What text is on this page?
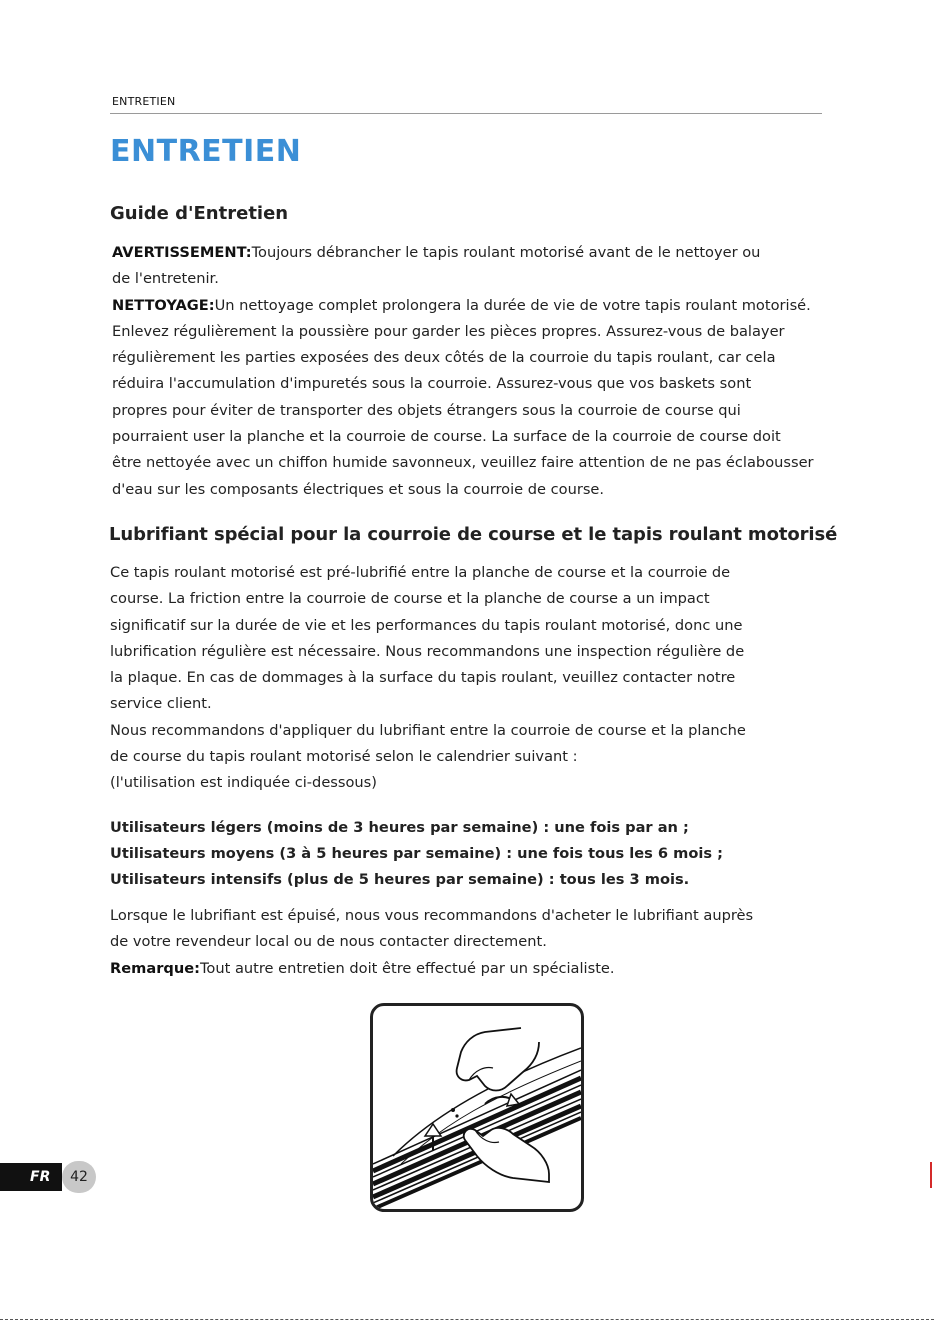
ENTRETIEN
ENTRETIEN
Guide d'Entretien

AVERTISSEMENT:Toujours débrancher le tapis roulant motorisé avant de le nettoyer ou

de l'entretenir.

NETTOYAGE:Un nettoyage complet prolongera la durée de vie de votre tapis roulant motorisé.

Enlevez régulièrement la poussière pour garder les pièces propres. Assurez-vous de balayer

régulièrement les parties exposées des deux côtés de la courroie du tapis roulant, car cela

réduira l'accumulation d'impuretés sous la courroie. Assurez-vous que vos baskets sont

propres pour éviter de transporter des objets étrangers sous la courroie de course qui

pourraient user la planche et la courroie de course. La surface de la courroie de course doit

être nettoyée avec un chiffon humide savonneux, veuillez faire attention de ne pas éclabousser

d'eau sur les composants électriques et sous la courroie de course.

Lubrifiant spécial pour la courroie de course et le tapis roulant motorisé

Ce tapis roulant motorisé est pré-lubrifié entre la planche de course et la courroie de

course. La friction entre la courroie de course et la planche de course a un impact

significatif sur la durée de vie et les performances du tapis roulant motorisé, donc une

lubrification régulière est nécessaire. Nous recommandons une inspection régulière de

la plaque. En cas de dommages à la surface du tapis roulant, veuillez contacter notre

service client.

Nous recommandons d'appliquer du lubrifiant entre la courroie de course et la planche

de course du tapis roulant motorisé selon le calendrier suivant :

(l'utilisation est indiquée ci-dessous)

Utilisateurs légers (moins de 3 heures par semaine) : une fois par an ;

Utilisateurs moyens (3 à 5 heures par semaine) : une fois tous les 6 mois ;

Utilisateurs intensifs (plus de 5 heures par semaine) : tous les 3 mois.

Lorsque le lubrifiant est épuisé, nous vous recommandons d'acheter le lubrifiant auprès

de votre revendeur local ou de nous contacter directement.

Remarque:Tout autre entretien doit être effectué par un spécialiste.

FR	42
